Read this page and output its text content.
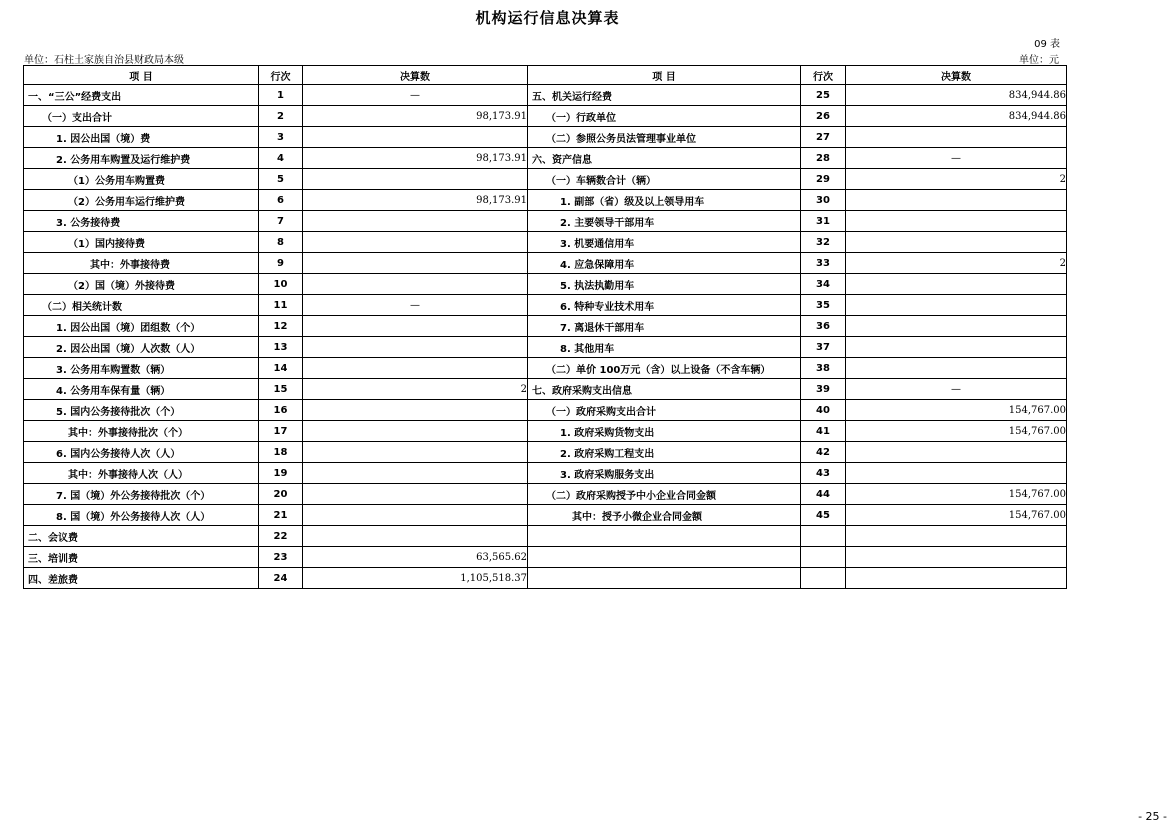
机构运行信息决算表
09 表
单位：石柱土家族自治县财政局本级	单位：元
项 目	行次	决算数	项 目	行次	决算数
一、“三公”经费支出	1	—	五、机关运行经费	25	834,944.86
（一）支出合计	2	98,173.91	（一）行政单位	26	834,944.86
1. 因公出国（境）费	3		（二）参照公务员法管理事业单位	27	
2. 公务用车购置及运行维护费	4	98,173.91	六、资产信息	28	—
（1）公务用车购置费	5		（一）车辆数合计（辆）	29	2
（2）公务用车运行维护费	6	98,173.91	1. 副部（省）级及以上领导用车	30	
3. 公务接待费	7		2. 主要领导干部用车	31	
（1）国内接待费	8		3. 机要通信用车	32	
其中：外事接待费	9		4. 应急保障用车	33	2
（2）国（境）外接待费	10		5. 执法执勤用车	34	
（二）相关统计数	11	—	6. 特种专业技术用车	35	
1. 因公出国（境）团组数（个）	12		7. 离退休干部用车	36	
2. 因公出国（境）人次数（人）	13		8. 其他用车	37	
3. 公务用车购置数（辆）	14		（二）单价 100万元（含）以上设备（不含车辆）	38	
4. 公务用车保有量（辆）	15	2	七、政府采购支出信息	39	—
5. 国内公务接待批次（个）	16		（一）政府采购支出合计	40	154,767.00
其中：外事接待批次（个）	17		1. 政府采购货物支出	41	154,767.00
6. 国内公务接待人次（人）	18		2. 政府采购工程支出	42	
其中：外事接待人次（人）	19		3. 政府采购服务支出	43	
7. 国（境）外公务接待批次（个）	20		（二）政府采购授予中小企业合同金额	44	154,767.00
8. 国（境）外公务接待人次（人）	21		其中：授予小微企业合同金额	45	154,767.00
二、会议费	22				
三、培训费	23	63,565.62			
四、差旅费	24	1,105,518.37			
- 25 -
